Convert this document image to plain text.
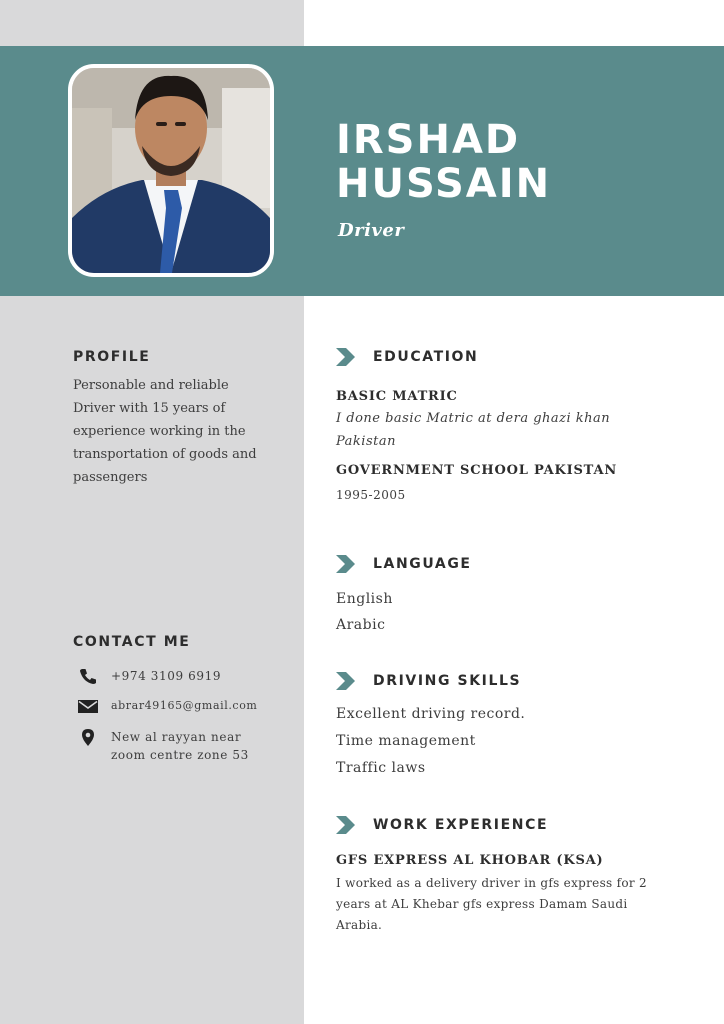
IRSHAD
HUSSAIN
Driver
PROFILE
Personable and reliable Driver with 15 years of experience working in the transportation of goods and passengers
CONTACT ME
+974 3109 6919
abrar49165@gmail.com
New al rayyan near zoom centre zone 53
EDUCATION
BASIC MATRIC
I done basic Matric at dera ghazi khan Pakistan
GOVERNMENT SCHOOL PAKISTAN
1995-2005
LANGUAGE
English
Arabic
DRIVING SKILLS
Excellent driving record.
Time management
Traffic laws
WORK EXPERIENCE
GFS EXPRESS AL KHOBAR (KSA)
I worked as a delivery driver in gfs express for 2 years at AL Khebar gfs express Damam Saudi Arabia.
